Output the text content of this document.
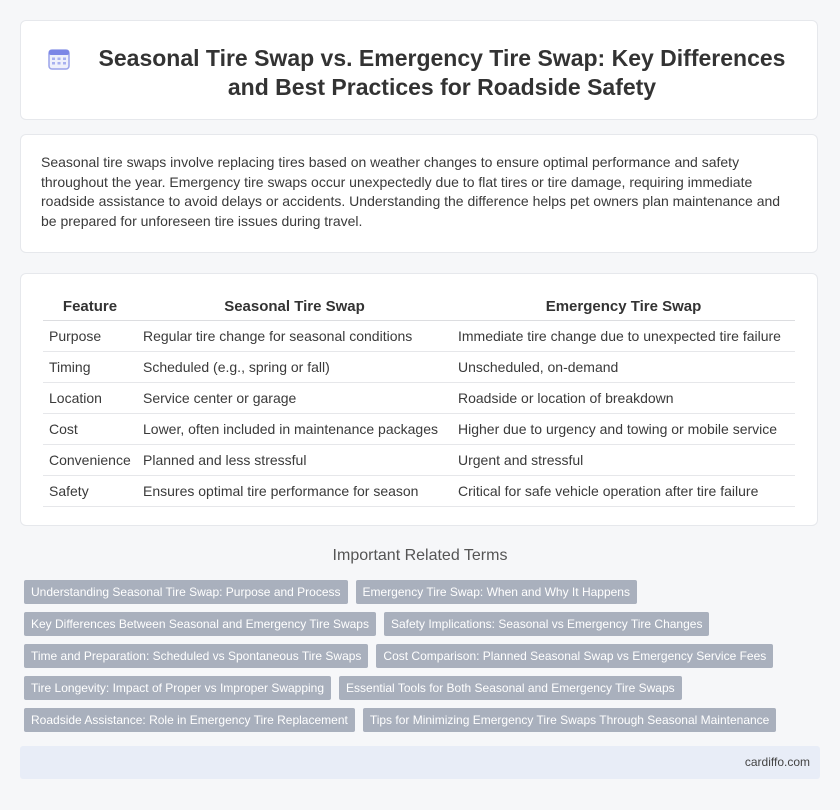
Seasonal Tire Swap vs. Emergency Tire Swap: Key Differences and Best Practices for Roadside Safety

Seasonal tire swaps involve replacing tires based on weather changes to ensure optimal performance and safety throughout the year. Emergency tire swaps occur unexpectedly due to flat tires or tire damage, requiring immediate roadside assistance to avoid delays or accidents. Understanding the difference helps pet owners plan maintenance and be prepared for unforeseen tire issues during travel.

Feature	Seasonal Tire Swap	Emergency Tire Swap
Purpose	Regular tire change for seasonal conditions	Immediate tire change due to unexpected tire failure
Timing	Scheduled (e.g., spring or fall)	Unscheduled, on-demand
Location	Service center or garage	Roadside or location of breakdown
Cost	Lower, often included in maintenance packages	Higher due to urgency and towing or mobile service
Convenience	Planned and less stressful	Urgent and stressful
Safety	Ensures optimal tire performance for season	Critical for safe vehicle operation after tire failure
Important Related Terms
Understanding Seasonal Tire Swap: Purpose and Process	Emergency Tire Swap: When and Why It Happens
Key Differences Between Seasonal and Emergency Tire Swaps	Safety Implications: Seasonal vs Emergency Tire Changes
Time and Preparation: Scheduled vs Spontaneous Tire Swaps	Cost Comparison: Planned Seasonal Swap vs Emergency Service Fees
Tire Longevity: Impact of Proper vs Improper Swapping	Essential Tools for Both Seasonal and Emergency Tire Swaps
Roadside Assistance: Role in Emergency Tire Replacement	Tips for Minimizing Emergency Tire Swaps Through Seasonal Maintenance
cardiffo.com
